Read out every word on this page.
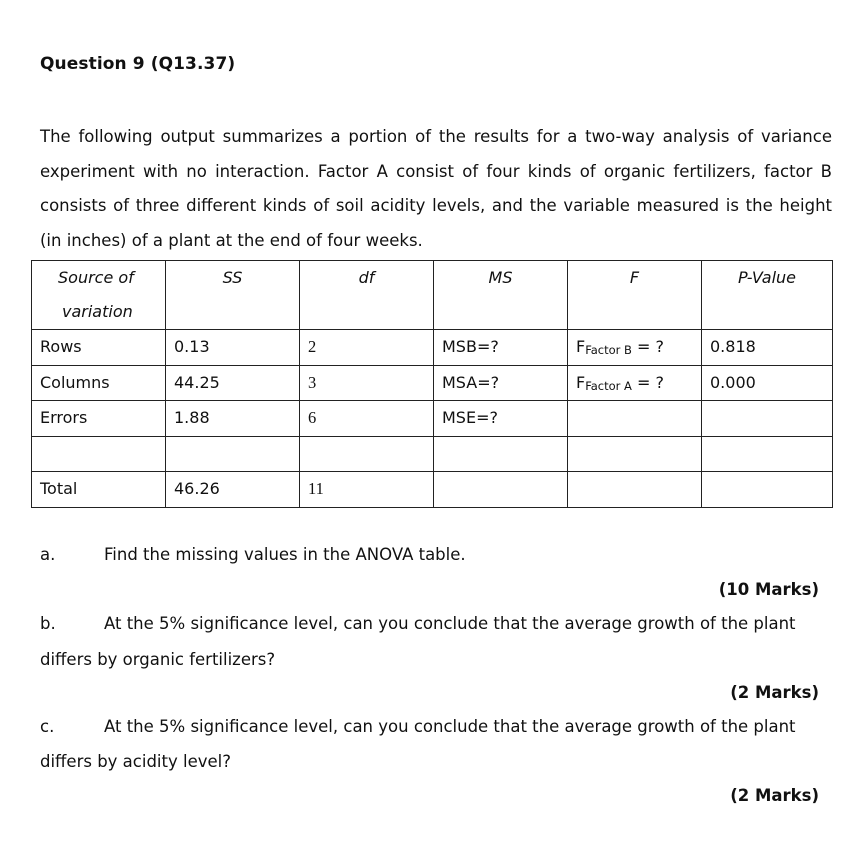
Question 9 (Q13.37)
The following output summarizes a portion of the results for a two-way analysis of variance experiment with no interaction. Factor A consist of four kinds of organic fertilizers, factor B consists of three different kinds of soil acidity levels, and the variable measured is the height (in inches) of a plant at the end of four weeks.
Source of
variation	SS	df	MS	F	P-Value
Rows	0.13	2	MSB=?	FFactor B = ?	0.818
Columns	44.25	3	MSA=?	FFactor A = ?	0.000
Errors	1.88	6	MSE=?		

Total	46.26	11			
a.	Find the missing values in the ANOVA table.
(10 Marks)
b.	At the 5% significance level, can you conclude that the average growth of the plant
differs by organic fertilizers?
(2 Marks)
c.	At the 5% significance level, can you conclude that the average growth of the plant
differs by acidity level?
(2 Marks)
